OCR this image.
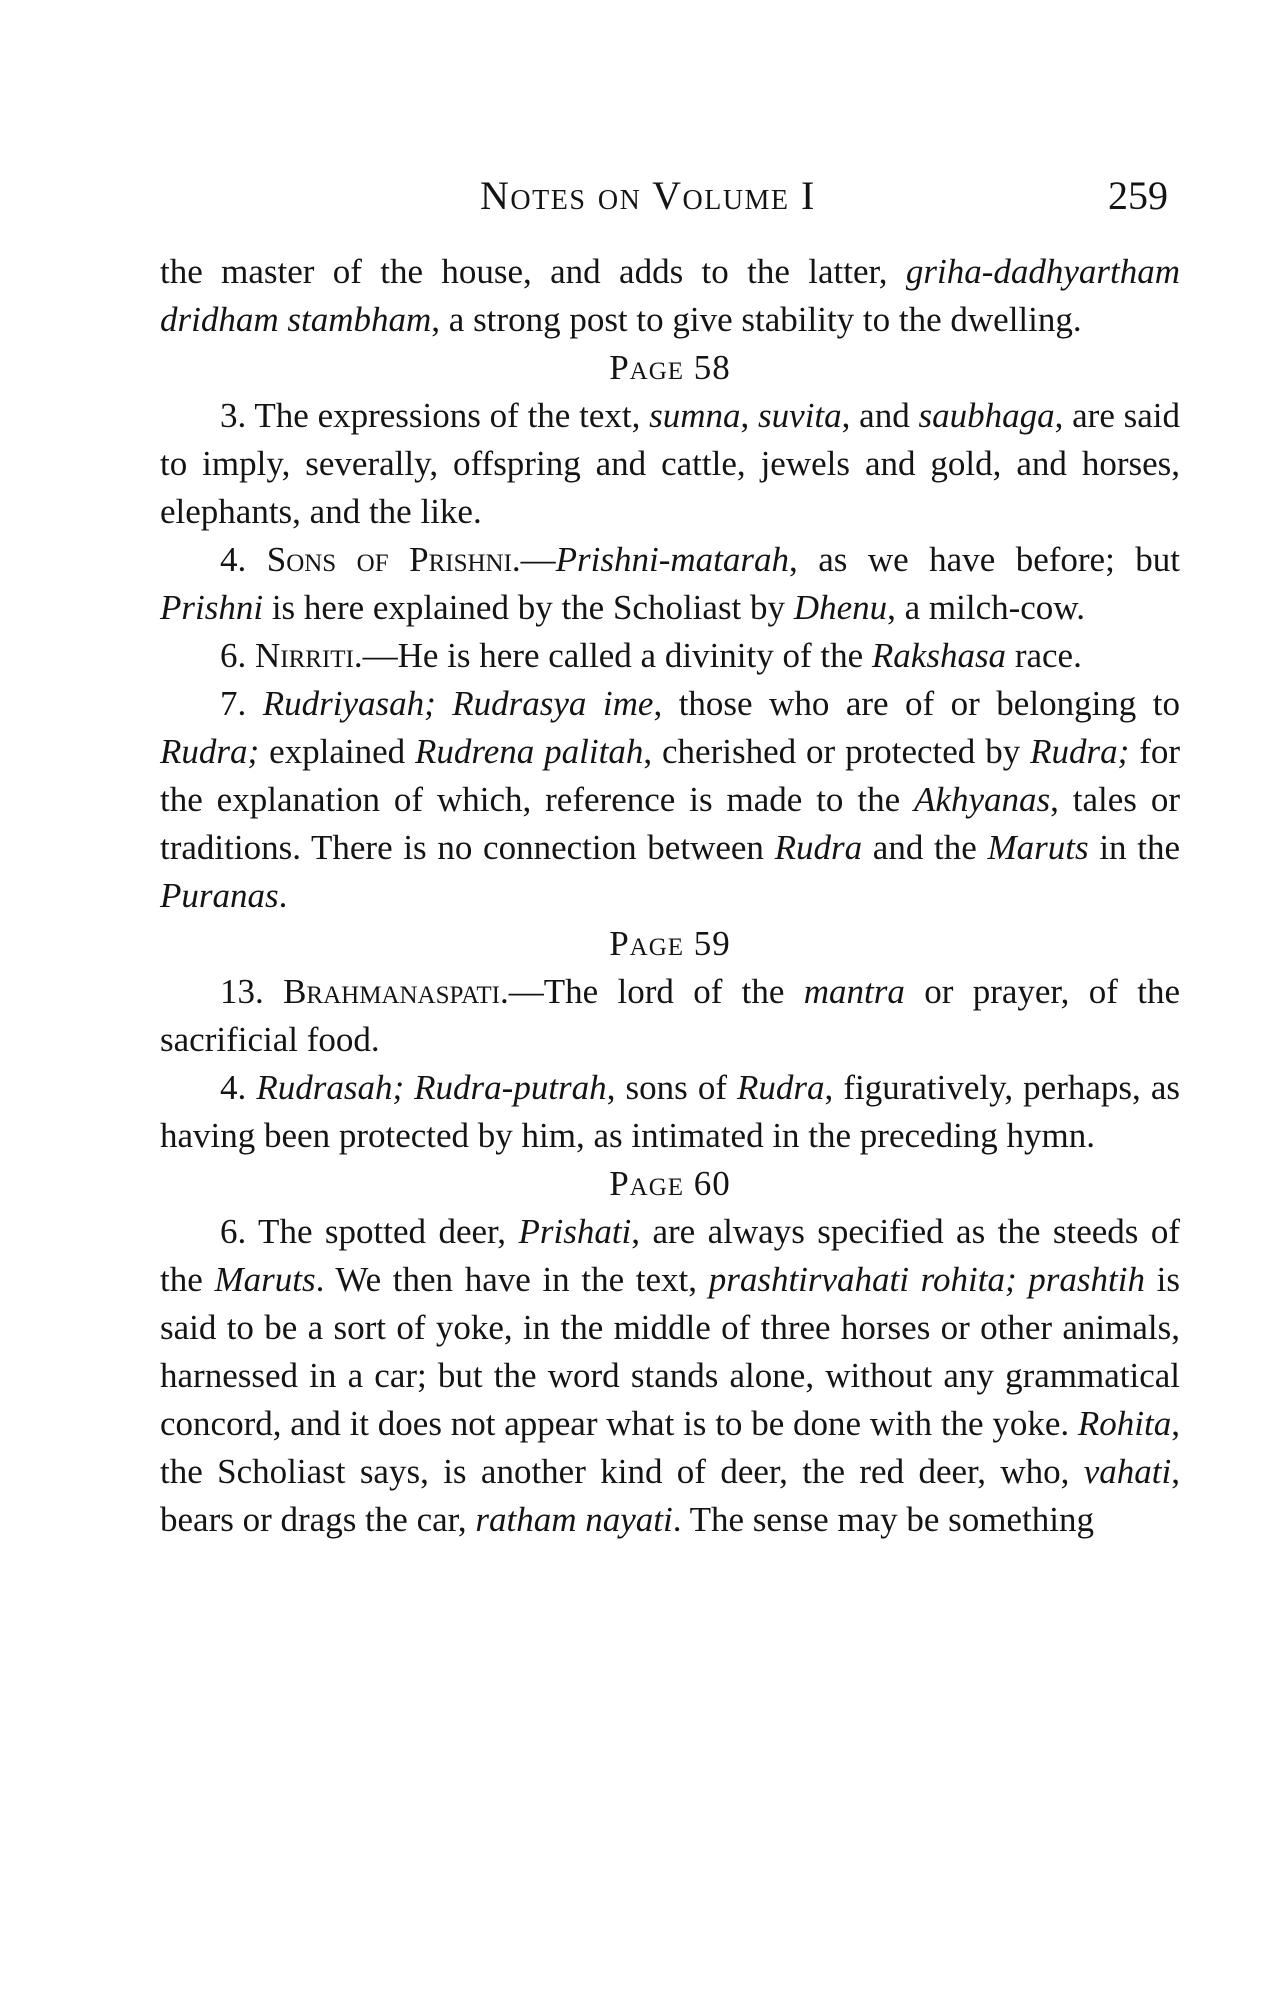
Notes on Volume I	259

the master of the house, and adds to the latter, griha-dadhyartham dridham stambham, a strong post to give stability to the dwelling.

Page 58

3. The expressions of the text, sumna, suvita, and saubhaga, are said to imply, severally, offspring and cattle, jewels and gold, and horses, elephants, and the like.

4. Sons of Prishni.—Prishni-matarah, as we have before; but Prishni is here explained by the Scholiast by Dhenu, a milch-cow.

6. Nirriti.—He is here called a divinity of the Rakshasa race.

7. Rudriyasah; Rudrasya ime, those who are of or belonging to Rudra; explained Rudrena palitah, cherished or protected by Rudra; for the explanation of which, reference is made to the Akhyanas, tales or traditions. There is no connection between Rudra and the Maruts in the Puranas.

Page 59

13. Brahmanaspati.—The lord of the mantra or prayer, of the sacrificial food.

4. Rudrasah; Rudra-putrah, sons of Rudra, figuratively, perhaps, as having been protected by him, as intimated in the preceding hymn.

Page 60

6. The spotted deer, Prishati, are always specified as the steeds of the Maruts. We then have in the text, prashtirvahati rohita; prashtih is said to be a sort of yoke, in the middle of three horses or other animals, harnessed in a car; but the word stands alone, without any grammatical concord, and it does not appear what is to be done with the yoke. Rohita, the Scholiast says, is another kind of deer, the red deer, who, vahati, bears or drags the car, ratham nayati. The sense may be something
